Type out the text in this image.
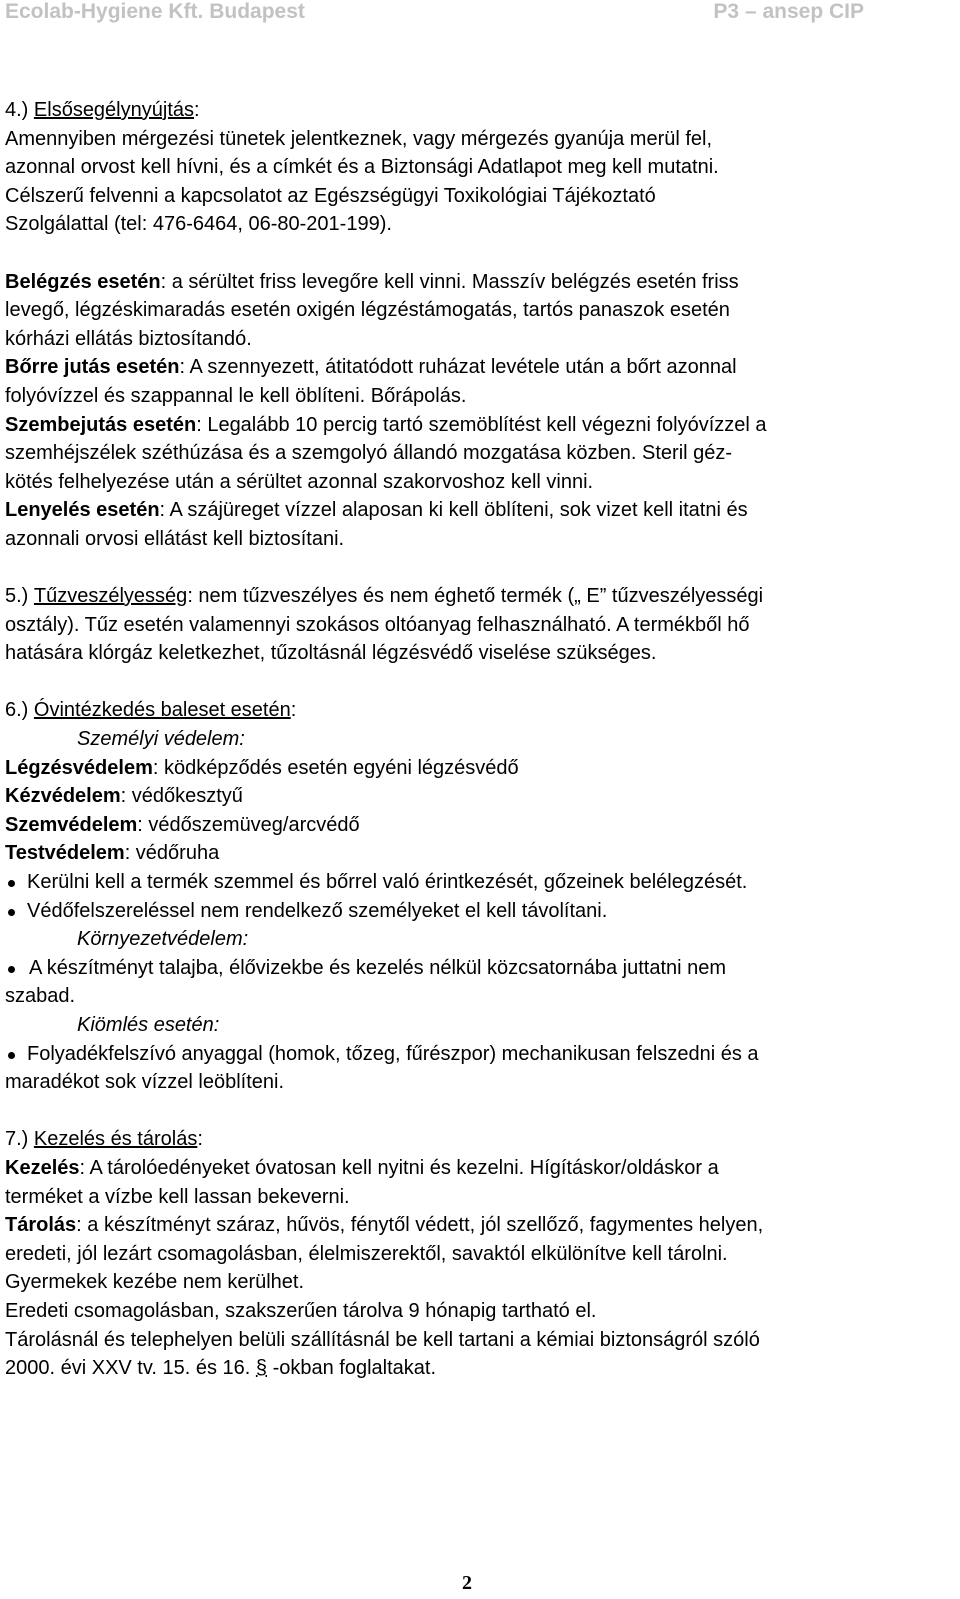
Ecolab-Hygiene Kft. Budapest	P3 – ansep CIP

4.) Elsősegélynyújtás:

Amennyiben mérgezési tünetek jelentkeznek, vagy mérgezés gyanúja merül fel,

azonnal orvost kell hívni, és a címkét és a Biztonsági Adatlapot meg kell mutatni.

Célszerű felvenni a kapcsolatot az Egészségügyi Toxikológiai Tájékoztató

Szolgálattal (tel: 476-6464, 06-80-201-199).

Belégzés esetén: a sérültet friss levegőre kell vinni. Masszív belégzés esetén friss

levegő, légzéskimaradás esetén oxigén légzéstámogatás, tartós panaszok esetén

kórházi ellátás biztosítandó.

Bőrre jutás esetén: A szennyezett, átitatódott ruházat levétele után a bőrt azonnal

folyóvízzel és szappannal le kell öblíteni. Bőrápolás.

Szembejutás esetén: Legalább 10 percig tartó szemöblítést kell végezni folyóvízzel a

szemhéjszélek széthúzása és a szemgolyó állandó mozgatása közben. Steril géz-

kötés felhelyezése után a sérültet azonnal szakorvoshoz kell vinni.

Lenyelés esetén: A szájüreget vízzel alaposan ki kell öblíteni, sok vizet kell itatni és

azonnali orvosi ellátást kell biztosítani.

5.) Tűzveszélyesség: nem tűzveszélyes és nem éghető termék („ E” tűzveszélyességi

osztály). Tűz esetén valamennyi szokásos oltóanyag felhasználható. A termékből hő

hatására klórgáz keletkezhet, tűzoltásnál légzésvédő viselése szükséges.

6.) Óvintézkedés baleset esetén:

Személyi védelem:

Légzésvédelem: ködképződés esetén egyéni légzésvédő

Kézvédelem: védőkesztyű

Szemvédelem: védőszemüveg/arcvédő

Testvédelem: védőruha

Kerülni kell a termék szemmel és bőrrel való érintkezését, gőzeinek belélegzését.

Védőfelszereléssel nem rendelkező személyeket el kell távolítani.

Környezetvédelem:

A készítményt talajba, élővizekbe és kezelés nélkül közcsatornába juttatni nem

szabad.

Kiömlés esetén:

Folyadékfelszívó anyaggal (homok, tőzeg, fűrészpor) mechanikusan felszedni és a

maradékot sok vízzel leöblíteni.

7.) Kezelés és tárolás:

Kezelés: A tárolóedényeket óvatosan kell nyitni és kezelni. Hígításkor/oldáskor a

terméket a vízbe kell lassan bekeverni.

Tárolás: a készítményt száraz, hűvös, fénytől védett, jól szellőző, fagymentes helyen,

eredeti, jól lezárt csomagolásban, élelmiszerektől, savaktól elkülönítve kell tárolni.

Gyermekek kezébe nem kerülhet.

Eredeti csomagolásban, szakszerűen tárolva 9 hónapig tartható el.

Tárolásnál és telephelyen belüli szállításnál be kell tartani a kémiai biztonságról szóló

2000. évi XXV tv. 15. és 16. § -okban foglaltakat.

2
